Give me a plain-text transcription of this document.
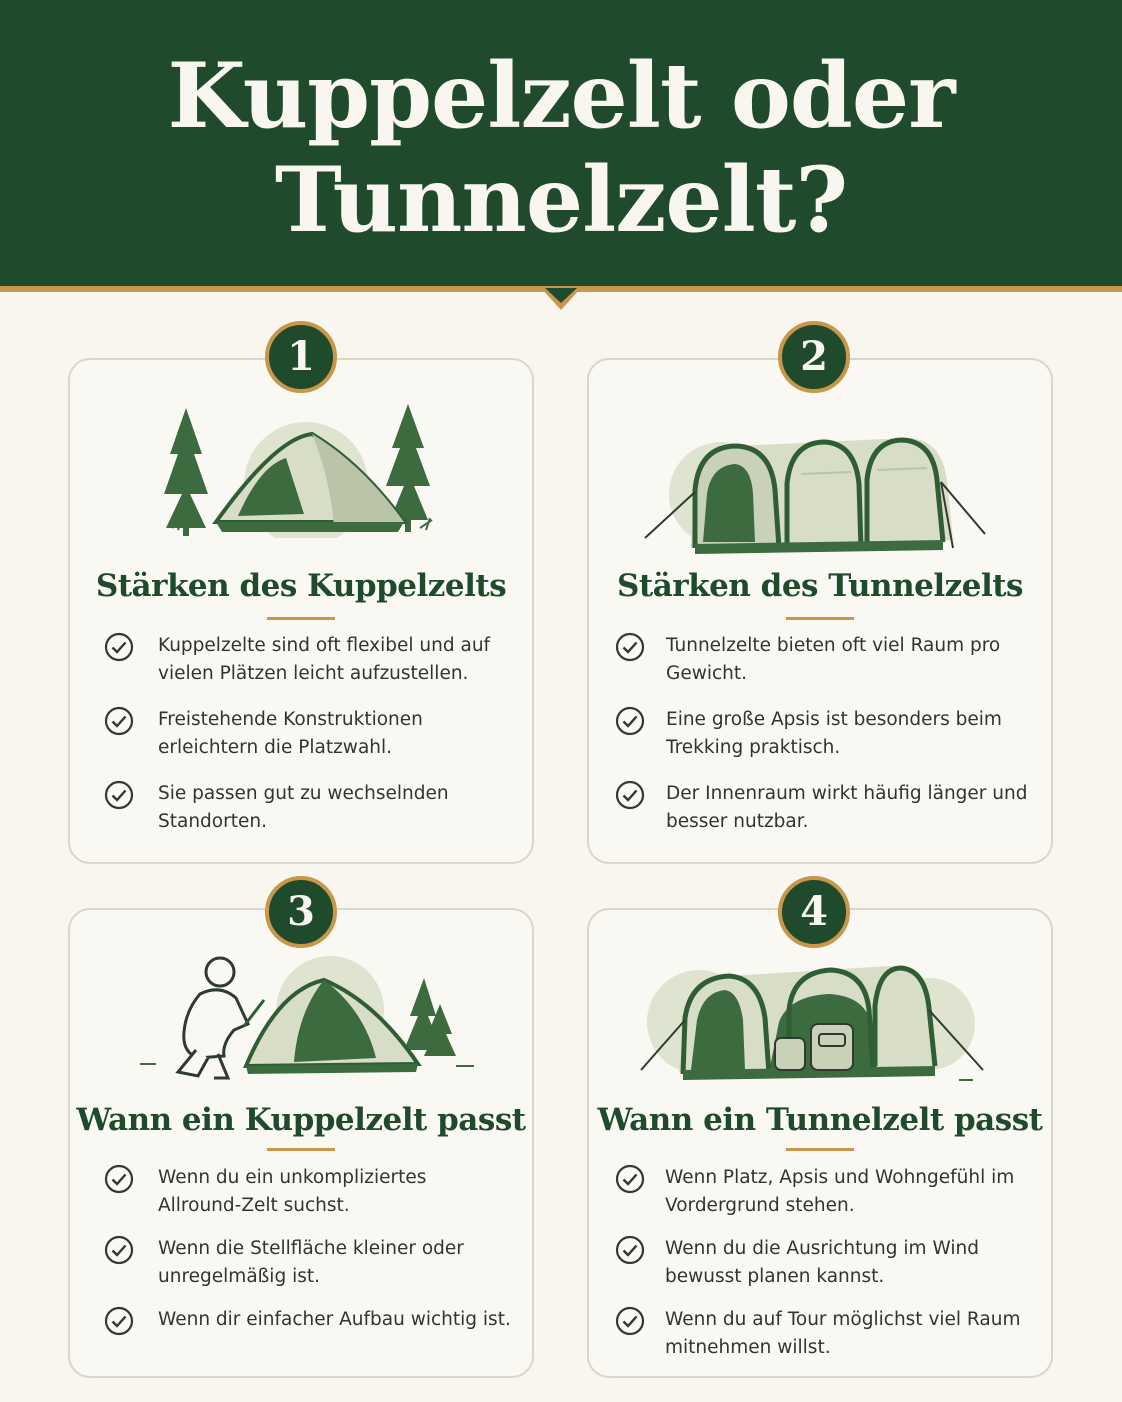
Kuppelzelt oder
Tunnelzelt?
Stärken des Kuppelzelts
Kuppelzelte sind oft flexibel und auf vielen Plätzen leicht aufzustellen.
Freistehende Konstruktionen erleichtern die Platzwahl.
Sie passen gut zu wechselnden Standorten.
1
Stärken des Tunnelzelts
Tunnelzelte bieten oft viel Raum pro Gewicht.
Eine große Apsis ist besonders beim Trekking praktisch.
Der Innenraum wirkt häufig länger und besser nutzbar.
2
Wann ein Kuppelzelt passt
Wenn du ein unkompliziertes Allround-Zelt suchst.
Wenn die Stellfläche kleiner oder unregelmäßig ist.
Wenn dir einfacher Aufbau wichtig ist.
3
Wann ein Tunnelzelt passt
Wenn Platz, Apsis und Wohngefühl im Vordergrund stehen.
Wenn du die Ausrichtung im Wind bewusst planen kannst.
Wenn du auf Tour möglichst viel Raum mitnehmen willst.
4
